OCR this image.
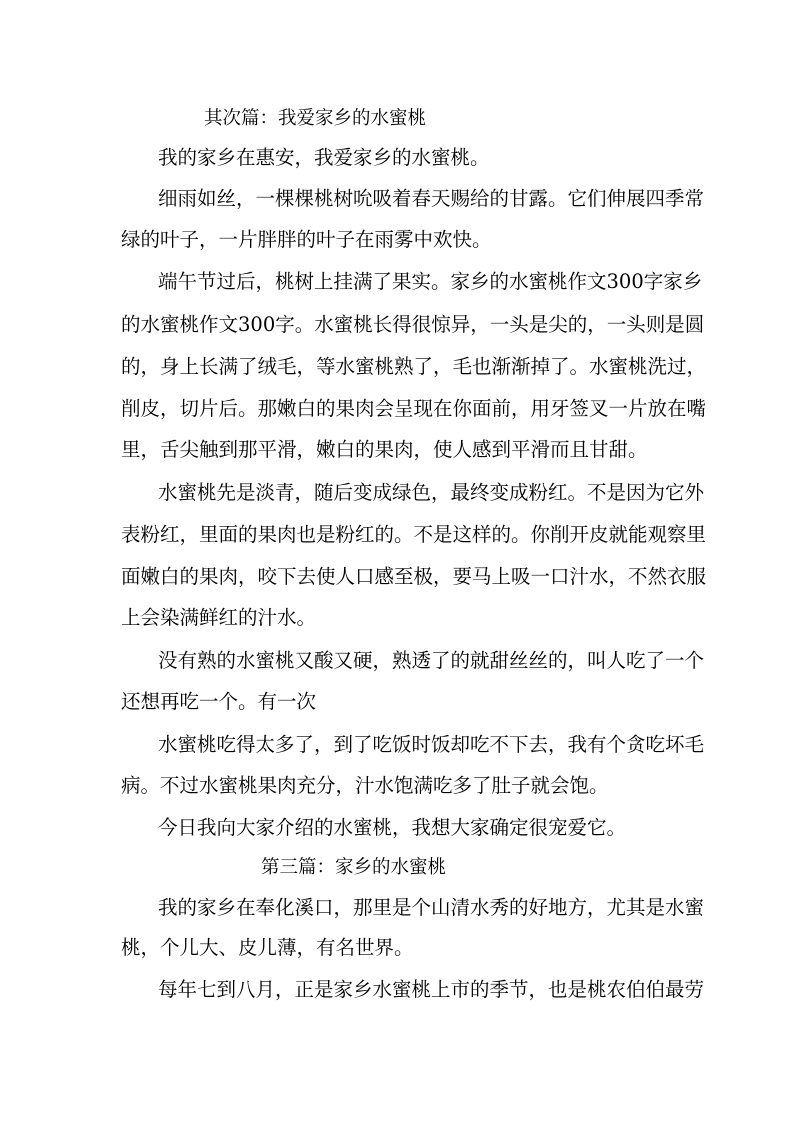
其次篇：我爱家乡的水蜜桃
我的家乡在惠安，我爱家乡的水蜜桃。
细雨如丝，一棵棵桃树吮吸着春天赐给的甘露。它们伸展四季常
绿的叶子，一片胖胖的叶子在雨雾中欢快。
端午节过后，桃树上挂满了果实。家乡的水蜜桃作文300字家乡
的水蜜桃作文300字。水蜜桃长得很惊异，一头是尖的，一头则是圆
的，身上长满了绒毛，等水蜜桃熟了，毛也渐渐掉了。水蜜桃洗过，
削皮，切片后。那嫩白的果肉会呈现在你面前，用牙签叉一片放在嘴
里，舌尖触到那平滑，嫩白的果肉，使人感到平滑而且甘甜。
水蜜桃先是淡青，随后变成绿色，最终变成粉红。不是因为它外
表粉红，里面的果肉也是粉红的。不是这样的。你削开皮就能观察里
面嫩白的果肉，咬下去使人口感至极，要马上吸一口汁水，不然衣服
上会染满鲜红的汁水。
没有熟的水蜜桃又酸又硬，熟透了的就甜丝丝的，叫人吃了一个
还想再吃一个。有一次
水蜜桃吃得太多了，到了吃饭时饭却吃不下去，我有个贪吃坏毛
病。不过水蜜桃果肉充分，汁水饱满吃多了肚子就会饱。
今日我向大家介绍的水蜜桃，我想大家确定很宠爱它。
第三篇：家乡的水蜜桃
我的家乡在奉化溪口，那里是个山清水秀的好地方，尤其是水蜜
桃，个儿大、皮儿薄，有名世界。
每年七到八月，正是家乡水蜜桃上市的季节，也是桃农伯伯最劳
